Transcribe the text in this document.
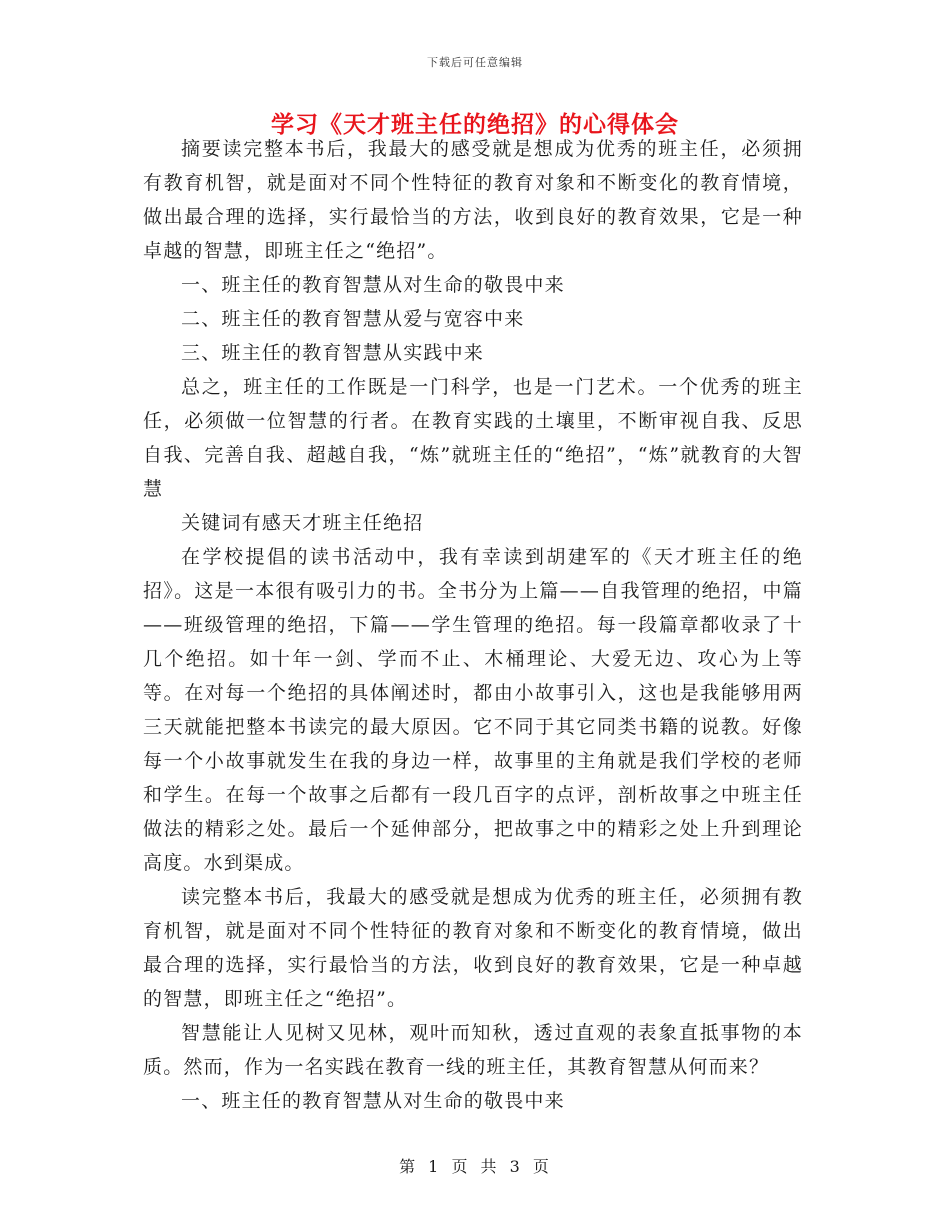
下载后可任意编辑
学习《天才班主任的绝招》的心得体会

摘要读完整本书后，我最大的感受就是想成为优秀的班主任，必须拥有教育机智，就是面对不同个性特征的教育对象和不断变化的教育情境，做出最合理的选择，实行最恰当的方法，收到良好的教育效果，它是一种卓越的智慧，即班主任之“绝招”。

一、班主任的教育智慧从对生命的敬畏中来

二、班主任的教育智慧从爱与宽容中来

三、班主任的教育智慧从实践中来

总之，班主任的工作既是一门科学，也是一门艺术。一个优秀的班主任，必须做一位智慧的行者。在教育实践的土壤里，不断审视自我、反思自我、完善自我、超越自我，“炼”就班主任的“绝招”，“炼”就教育的大智慧

关键词有感天才班主任绝招

在学校提倡的读书活动中，我有幸读到胡建军的《天才班主任的绝招》。这是一本很有吸引力的书。全书分为上篇——自我管理的绝招，中篇——班级管理的绝招，下篇——学生管理的绝招。每一段篇章都收录了十几个绝招。如十年一剑、学而不止、木桶理论、大爱无边、攻心为上等等。在对每一个绝招的具体阐述时，都由小故事引入，这也是我能够用两三天就能把整本书读完的最大原因。它不同于其它同类书籍的说教。好像每一个小故事就发生在我的身边一样，故事里的主角就是我们学校的老师和学生。在每一个故事之后都有一段几百字的点评，剖析故事之中班主任做法的精彩之处。最后一个延伸部分，把故事之中的精彩之处上升到理论高度。水到渠成。

读完整本书后，我最大的感受就是想成为优秀的班主任，必须拥有教育机智，就是面对不同个性特征的教育对象和不断变化的教育情境，做出最合理的选择，实行最恰当的方法，收到良好的教育效果，它是一种卓越的智慧，即班主任之“绝招”。

智慧能让人见树又见林，观叶而知秋，透过直观的表象直抵事物的本质。然而，作为一名实践在教育一线的班主任，其教育智慧从何而来？

一、班主任的教育智慧从对生命的敬畏中来

第 1 页 共 3 页
